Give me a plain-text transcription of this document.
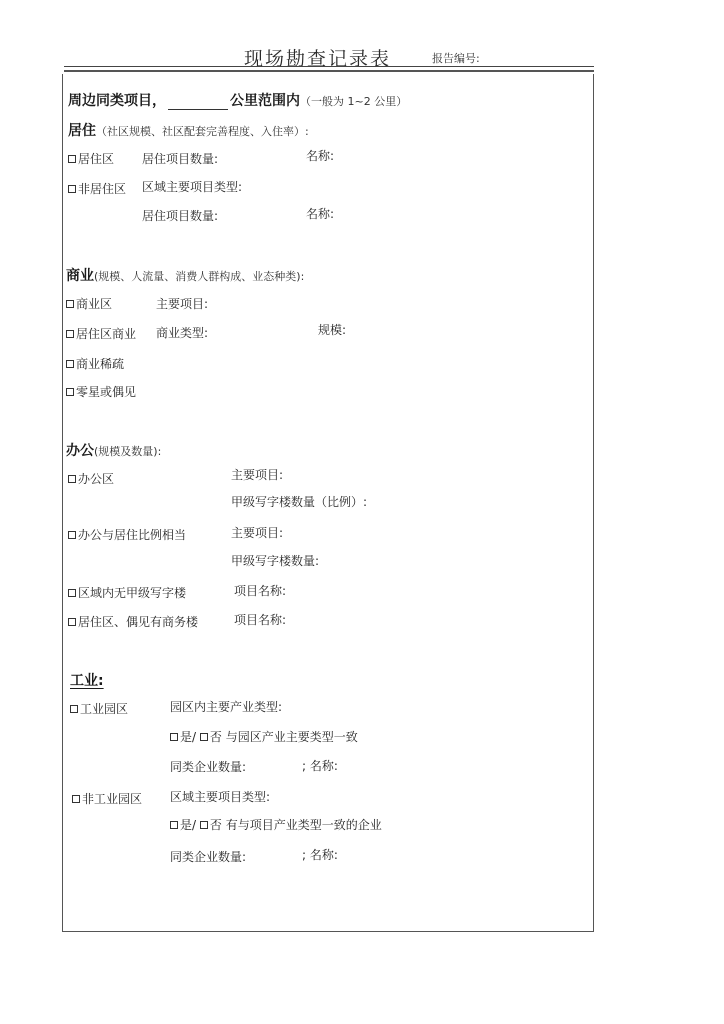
现场勘查记录表	报告编号:
周边同类项目，	公里范围内（一般为 1~2 公里）
居住（社区规模、社区配套完善程度、入住率）:
居住区 居住项目数量:	名称:
非居住区 区域主要项目类型:
居住项目数量:	名称:
商业(规模、人流量、消费人群构成、业态种类):
商业区	主要项目:
居住区商业 商业类型:	规模:
商业稀疏
零星或偶见
办公(规模及数量):
办公区	主要项目:
甲级写字楼数量（比例）:
办公与居住比例相当	主要项目:
甲级写字楼数量:
区域内无甲级写字楼	项目名称:
居住区、偶见有商务楼	项目名称:
工业:
工业园区	园区内主要产业类型:
是/ 否 与园区产业主要类型一致
同类企业数量:	; 名称:
非工业园区 区域主要项目类型:
是/ 否 有与项目产业类型一致的企业
同类企业数量:	; 名称:
